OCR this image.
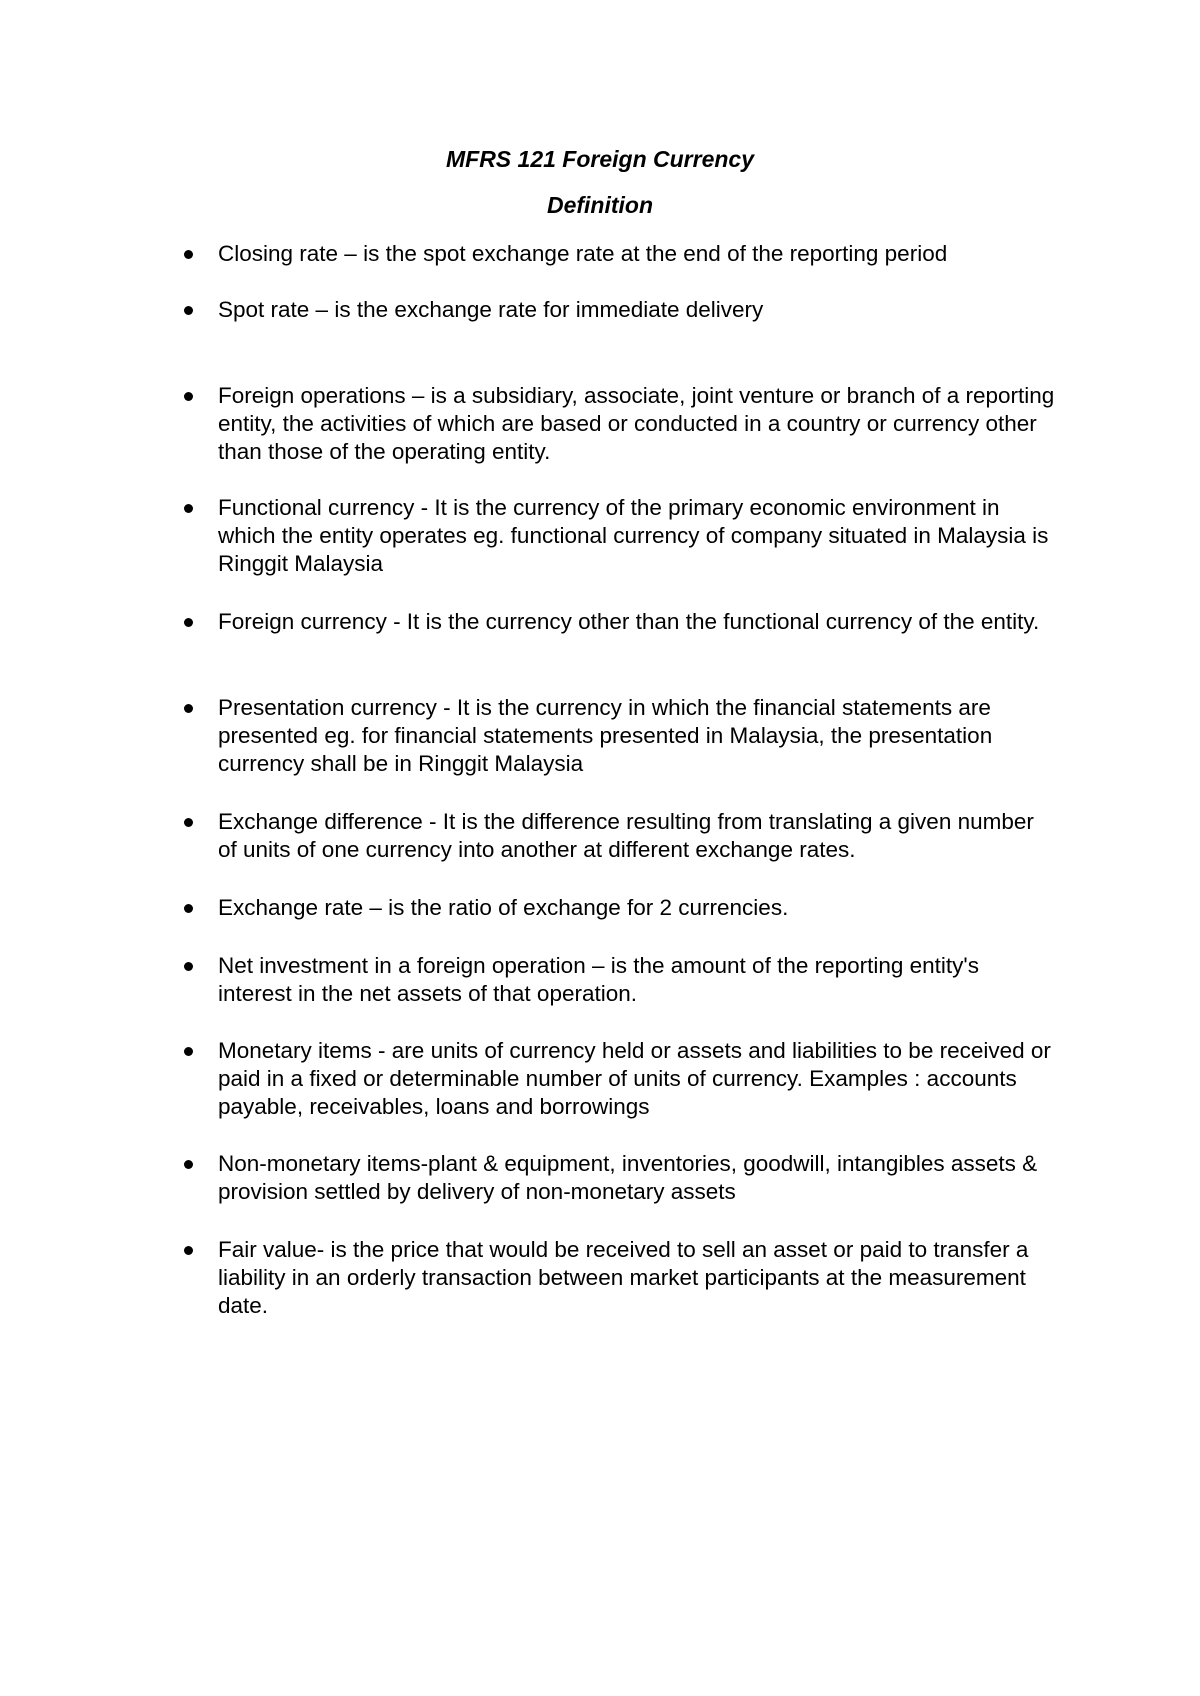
MFRS 121 Foreign Currency
Definition

Closing rate – is the spot exchange rate at the end of the reporting period

Spot rate – is the exchange rate for immediate delivery

Foreign operations – is a subsidiary, associate, joint venture or branch of a reporting entity, the activities of which are based or conducted in a country or currency other than those of the operating entity.

Functional currency - It is the currency of the primary economic environment in which the entity operates eg. functional currency of company situated in Malaysia is Ringgit Malaysia

Foreign currency - It is the currency other than the functional currency of the entity.

Presentation currency - It is the currency in which the financial statements are presented eg. for financial statements presented in Malaysia, the presentation currency shall be in Ringgit Malaysia

Exchange difference - It is the difference resulting from translating a given number of units of one currency into another at different exchange rates.

Exchange rate – is the ratio of exchange for 2 currencies.

Net investment in a foreign operation – is the amount of the reporting entity's interest in the net assets of that operation.

Monetary items - are units of currency held or assets and liabilities to be received or paid in a fixed or determinable number of units of currency. Examples : accounts payable, receivables, loans and borrowings

Non-monetary items-plant & equipment, inventories, goodwill, intangibles assets & provision settled by delivery of non-monetary assets

Fair value- is the price that would be received to sell an asset or paid to transfer a liability in an orderly transaction between market participants at the measurement date.
